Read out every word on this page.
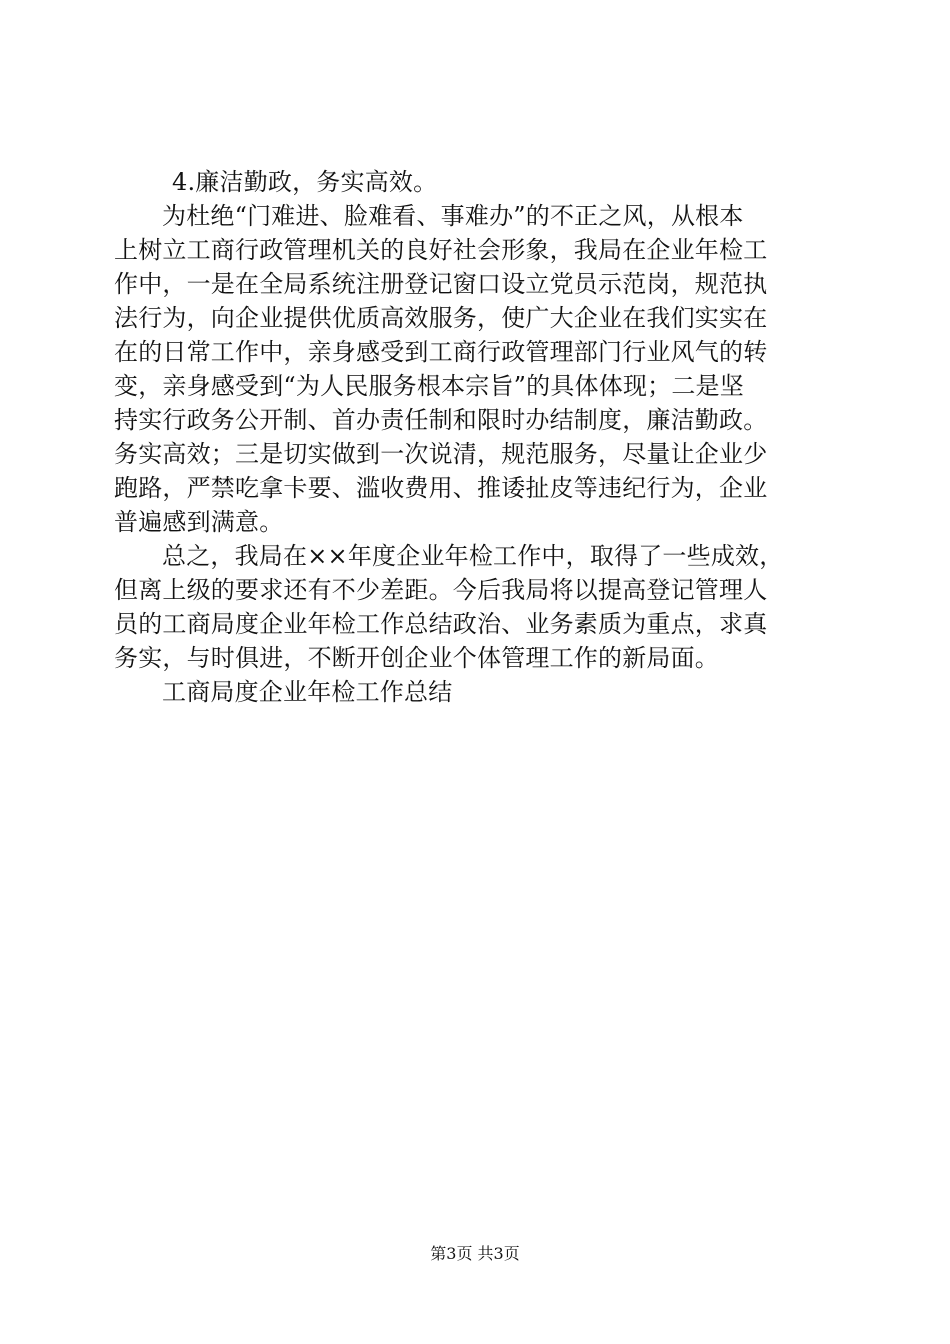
4.廉洁勤政，务实高效。
为杜绝“门难进、脸难看、事难办”的不正之风，从根本
上树立工商行政管理机关的良好社会形象，我局在企业年检工
作中，一是在全局系统注册登记窗口设立党员示范岗，规范执
法行为，向企业提供优质高效服务，使广大企业在我们实实在
在的日常工作中，亲身感受到工商行政管理部门行业风气的转
变，亲身感受到“为人民服务根本宗旨”的具体体现；二是坚
持实行政务公开制、首办责任制和限时办结制度，廉洁勤政。
务实高效；三是切实做到一次说清，规范服务，尽量让企业少
跑路，严禁吃拿卡要、滥收费用、推诿扯皮等违纪行为，企业
普遍感到满意。
总之，我局在××年度企业年检工作中，取得了一些成效，
但离上级的要求还有不少差距。今后我局将以提高登记管理人
员的工商局度企业年检工作总结政治、业务素质为重点，求真
务实，与时俱进，不断开创企业个体管理工作的新局面。
工商局度企业年检工作总结
第3页 共3页
